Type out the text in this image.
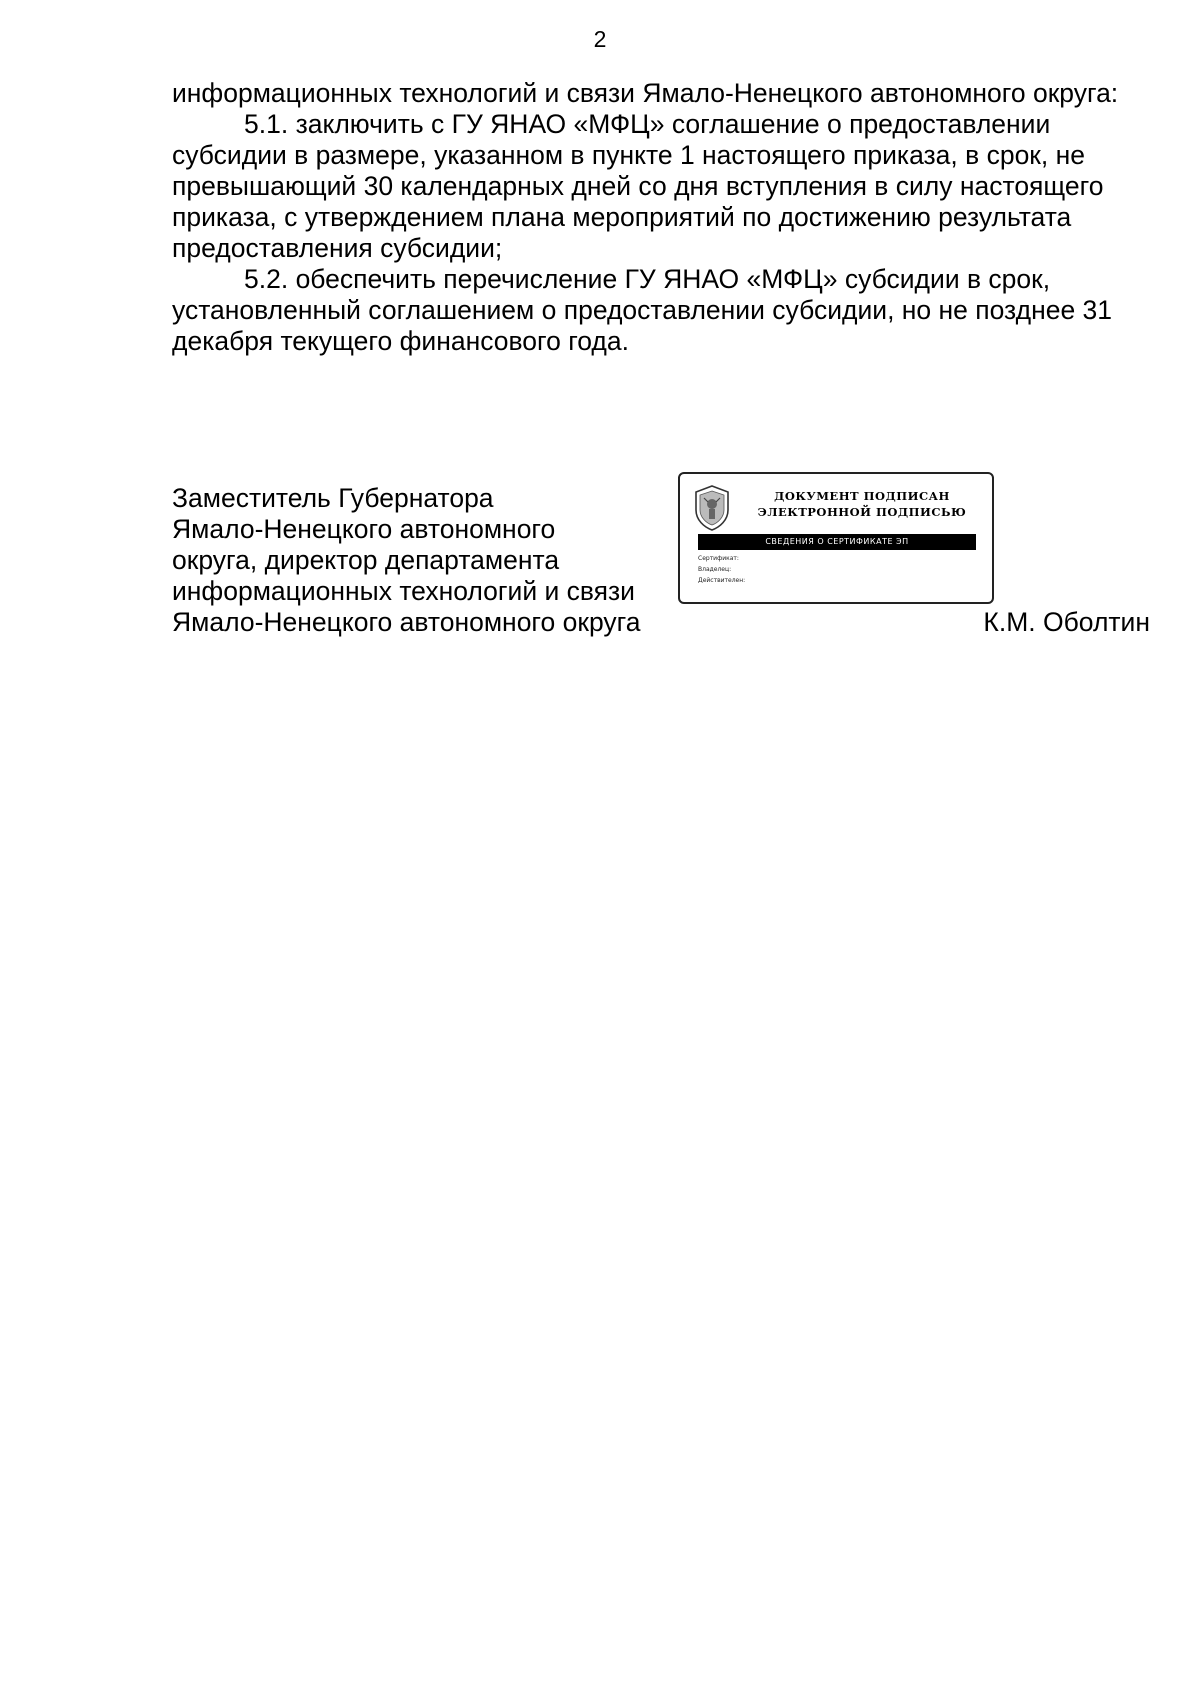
2

информационных технологий и связи Ямало-Ненецкого автономного округа:

5.1. заключить с ГУ ЯНАО «МФЦ» соглашение о предоставлении субсидии в размере, указанном в пункте 1 настоящего приказа, в срок, не превышающий 30 календарных дней со дня вступления в силу настоящего приказа, с утверждением плана мероприятий по достижению результата предоставления субсидии;

5.2. обеспечить перечисление ГУ ЯНАО «МФЦ» субсидии в срок, установленный соглашением о предоставлении субсидии, но не позднее 31 декабря текущего финансового года.

Заместитель Губернатора
Ямало-Ненецкого автономного
округа, директор департамента
информационных технологий и связи
Ямало-Ненецкого автономного округа	К.М. Оболтин
ДОКУМЕНТ ПОДПИСАН
ЭЛЕКТРОННОЙ ПОДПИСЬЮ
СВЕДЕНИЯ О СЕРТИФИКАТЕ ЭП
Сертификат:
Владелец:
Действителен:
